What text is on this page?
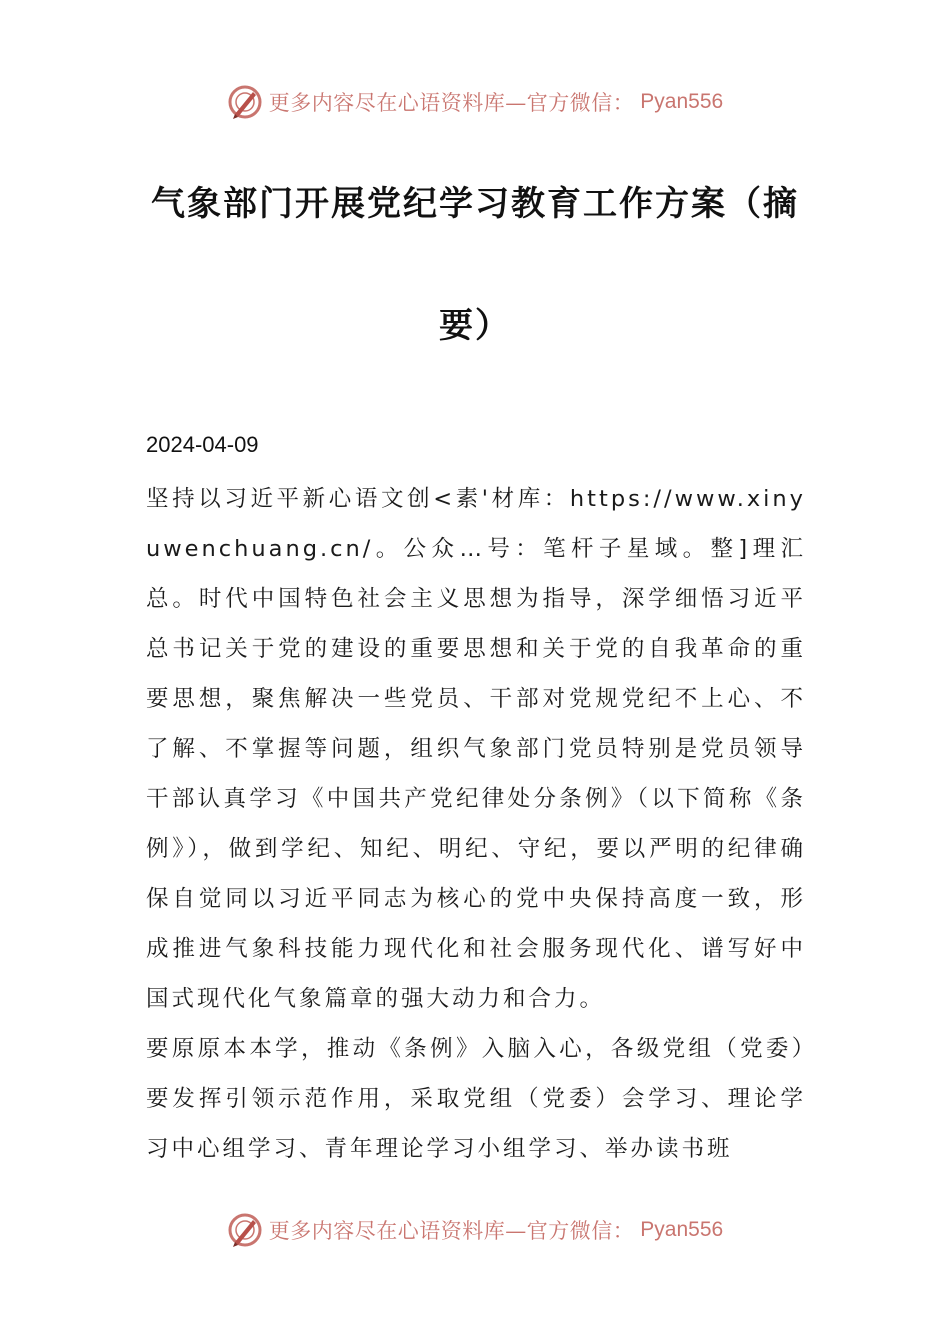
更多内容尽在心语资料库—官方微信： Pyan556
气象部门开展党纪学习教育工作方案（摘
要）
2024-04-09

坚持以习近平新心语文创<素'材库：https://www.xinyuwenchuang.cn/。公众…号：笔杆子星域。整]理汇总。时代中国特色社会主义思想为指导，深学细悟习近平总书记关于党的建设的重要思想和关于党的自我革命的重要思想，聚焦解决一些党员、干部对党规党纪不上心、不了解、不掌握等问题，组织气象部门党员特别是党员领导干部认真学习《中国共产党纪律处分条例》（以下简称《条例》），做到学纪、知纪、明纪、守纪，要以严明的纪律确保自觉同以习近平同志为核心的党中央保持高度一致，形成推进气象科技能力现代化和社会服务现代化、谱写好中国式现代化气象篇章的强大动力和合力。

要原原本本学，推动《条例》入脑入心，各级党组（党委）要发挥引领示范作用，采取党组（党委）会学习、理论学习中心组学习、青年理论学习小组学习、举办读书班

更多内容尽在心语资料库—官方微信： Pyan556
